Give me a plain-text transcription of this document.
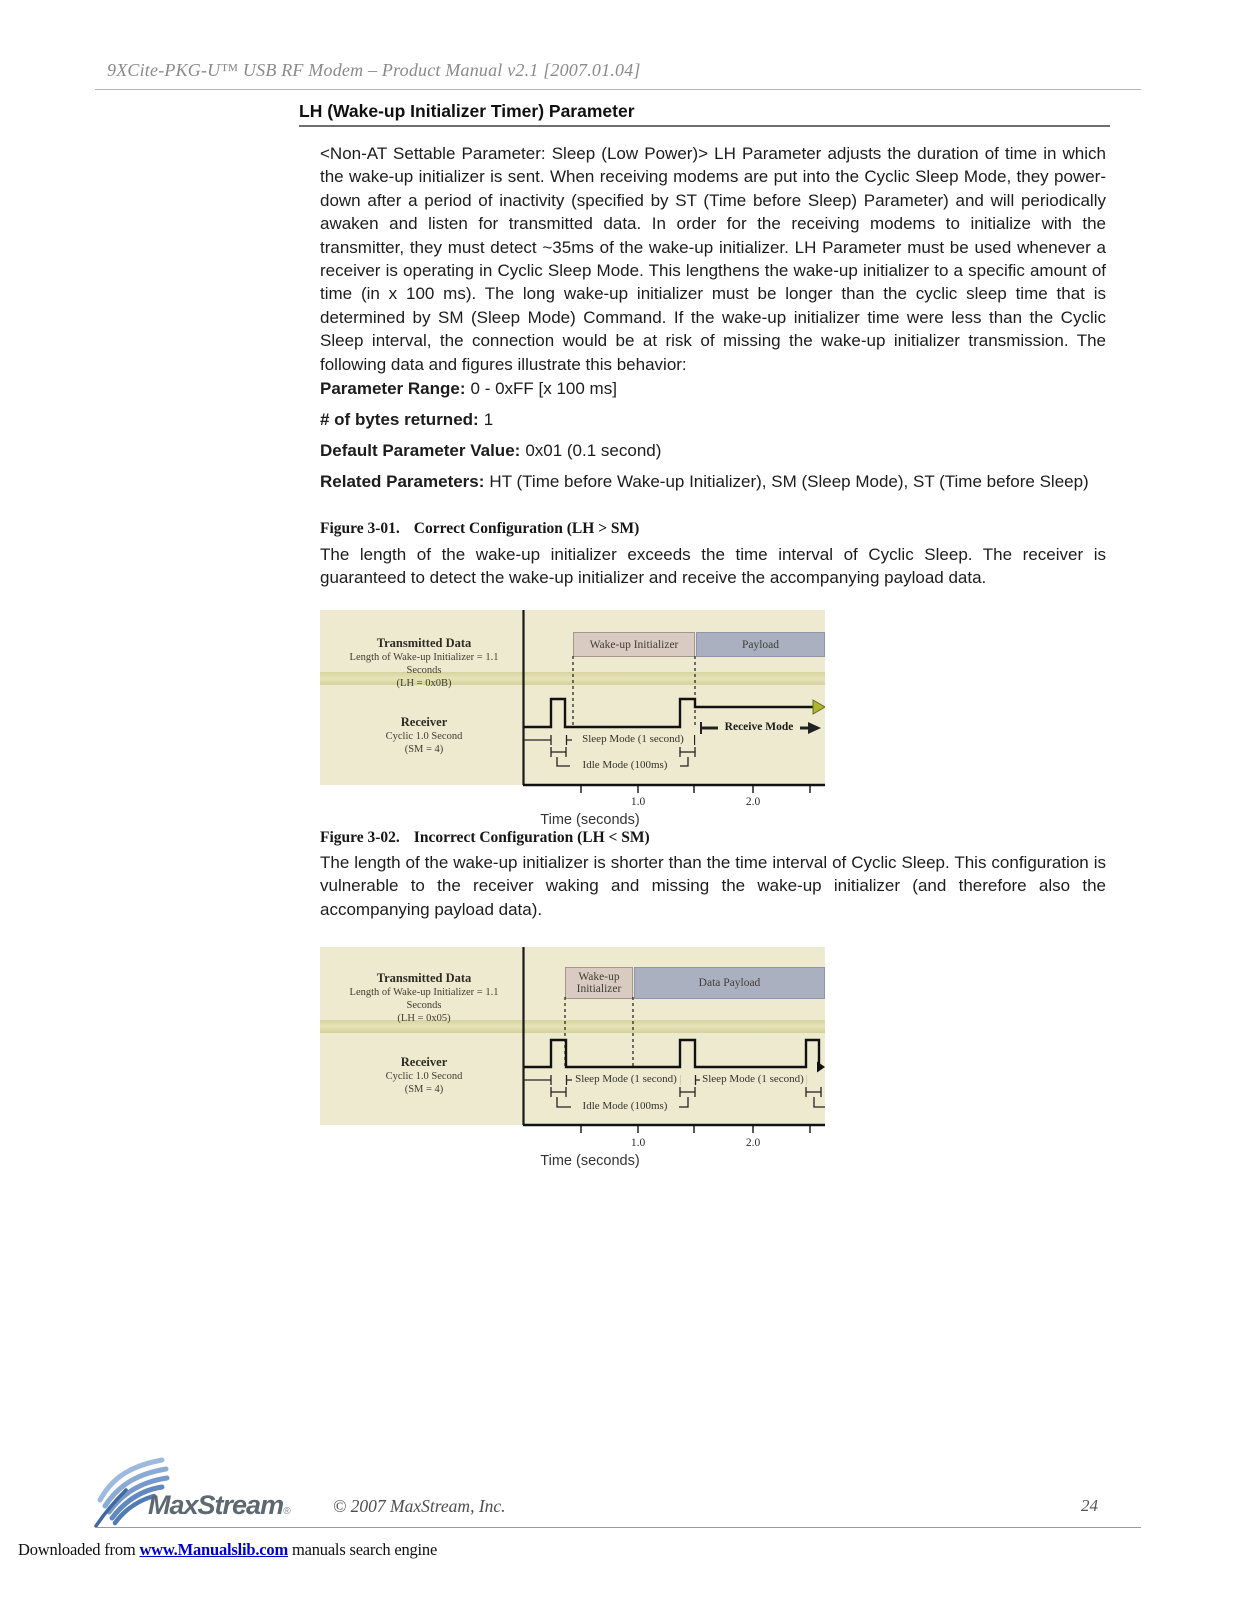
9XCite-PKG-U™ USB RF Modem – Product Manual v2.1 [2007.01.04]
LH (Wake-up Initializer Timer) Parameter
<Non-AT Settable Parameter: Sleep (Low Power)> LH Parameter adjusts the duration of time in which the wake-up initializer is sent. When receiving modems are put into the Cyclic Sleep Mode, they power-down after a period of inactivity (specified by ST (Time before Sleep) Parameter) and will periodically awaken and listen for transmitted data. In order for the receiving modems to initialize with the transmitter, they must detect ~35ms of the wake-up initializer. LH Parameter must be used whenever a receiver is operating in Cyclic Sleep Mode. This lengthens the wake-up initializer to a specific amount of time (in x 100 ms). The long wake-up initializer must be longer than the cyclic sleep time that is determined by SM (Sleep Mode) Command. If the wake-up initializer time were less than the Cyclic Sleep interval, the connection would be at risk of missing the wake-up initializer transmission. The following data and figures illustrate this behavior:
Parameter Range: 0 - 0xFF [x 100 ms]
# of bytes returned: 1
Default Parameter Value: 0x01 (0.1 second)
Related Parameters: HT (Time before Wake-up Initializer), SM (Sleep Mode), ST (Time before Sleep)
Figure 3-01. Correct Configuration (LH > SM)
The length of the wake-up initializer exceeds the time interval of Cyclic Sleep. The receiver is guaranteed to detect the wake-up initializer and receive the accompanying payload data.
Transmitted Data
Length of Wake-up Initializer = 1.1 Seconds
(LH = 0x0B)
Wake-up Initializer	Payload
Receiver
Cyclic 1.0 Second
(SM = 4)
Receive Mode
Sleep Mode (1 second)
Idle Mode (100ms)
1.0	2.0
Time (seconds)
Figure 3-02. Incorrect Configuration (LH < SM)
The length of the wake-up initializer is shorter than the time interval of Cyclic Sleep. This configuration is vulnerable to the receiver waking and missing the wake-up initializer (and therefore also the accompanying payload data).
Transmitted Data
Length of Wake-up Initializer = 1.1 Seconds
(LH = 0x05)
Wake-up
Initializer	Data Payload
Receiver
Cyclic 1.0 Second
(SM = 4)
Sleep Mode (1 second) Sleep Mode (1 second)
Idle Mode (100ms)
1.0	2.0
Time (seconds)
MaxStream® © 2007 MaxStream, Inc.	24
Downloaded from www.Manualslib.com manuals search engine
